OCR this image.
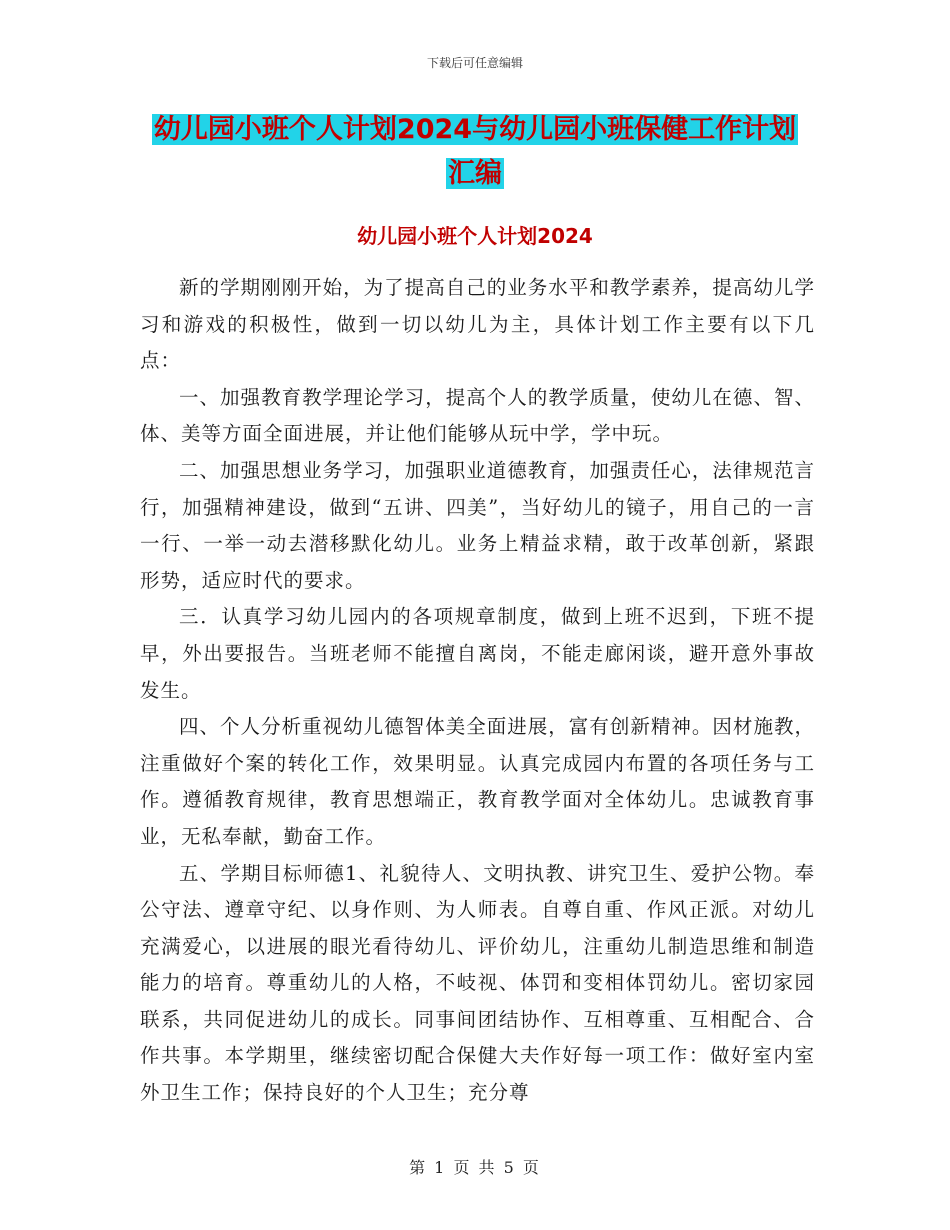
下载后可任意编辑
幼儿园小班个人计划2024与幼儿园小班保健工作计划
汇编
幼儿园小班个人计划2024

新的学期刚刚开始，为了提高自己的业务水平和教学素养，提高幼儿学习和游戏的积极性，做到一切以幼儿为主，具体计划工作主要有以下几点：

一、加强教育教学理论学习，提高个人的教学质量，使幼儿在德、智、体、美等方面全面进展，并让他们能够从玩中学，学中玩。

二、加强思想业务学习，加强职业道德教育，加强责任心，法律规范言行，加强精神建设，做到“五讲、四美”，当好幼儿的镜子，用自己的一言一行、一举一动去潜移默化幼儿。业务上精益求精，敢于改革创新，紧跟形势，适应时代的要求。

三．认真学习幼儿园内的各项规章制度，做到上班不迟到，下班不提早，外出要报告。当班老师不能擅自离岗，不能走廊闲谈，避开意外事故发生。

四、个人分析重视幼儿德智体美全面进展，富有创新精神。因材施教，注重做好个案的转化工作，效果明显。认真完成园内布置的各项任务与工作。遵循教育规律，教育思想端正，教育教学面对全体幼儿。忠诚教育事业，无私奉献，勤奋工作。

五、学期目标师德1、礼貌待人、文明执教、讲究卫生、爱护公物。奉公守法、遵章守纪、以身作则、为人师表。自尊自重、作风正派。对幼儿充满爱心，以进展的眼光看待幼儿、评价幼儿，注重幼儿制造思维和制造能力的培育。尊重幼儿的人格，不岐视、体罚和变相体罚幼儿。密切家园联系，共同促进幼儿的成长。同事间团结协作、互相尊重、互相配合、合作共事。本学期里，继续密切配合保健大夫作好每一项工作：做好室内室外卫生工作；保持良好的个人卫生；充分尊

第 1 页 共 5 页
